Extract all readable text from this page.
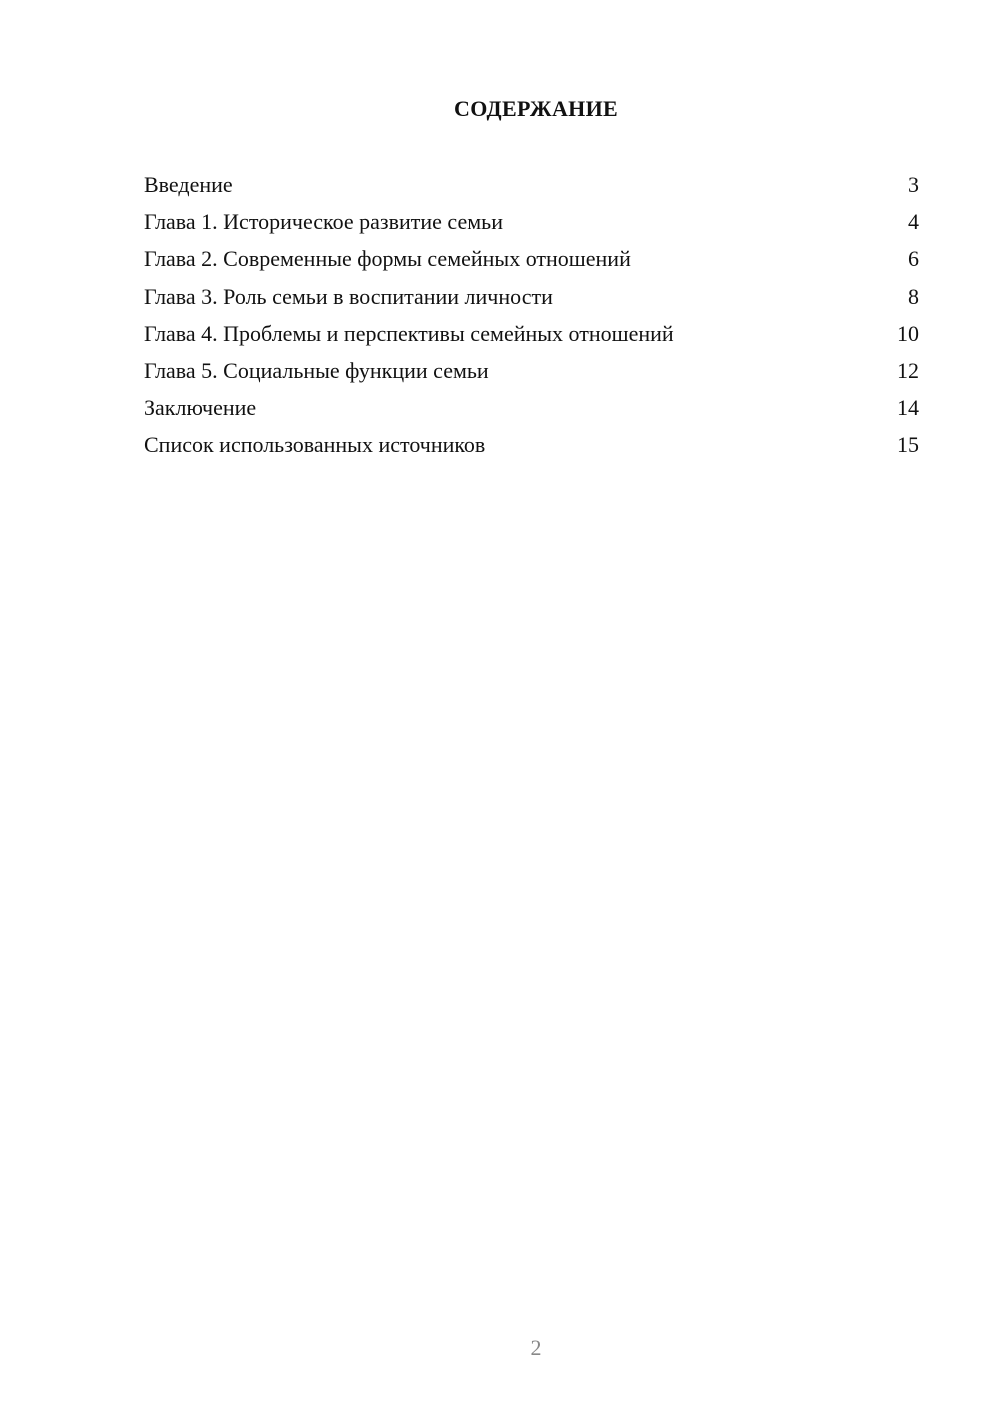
СОДЕРЖАНИЕ
Введение	3
Глава 1. Историческое развитие семьи	4
Глава 2. Современные формы семейных отношений	6
Глава 3. Роль семьи в воспитании личности	8
Глава 4. Проблемы и перспективы семейных отношений	10
Глава 5. Социальные функции семьи	12
Заключение	14
Список использованных источников	15
2
